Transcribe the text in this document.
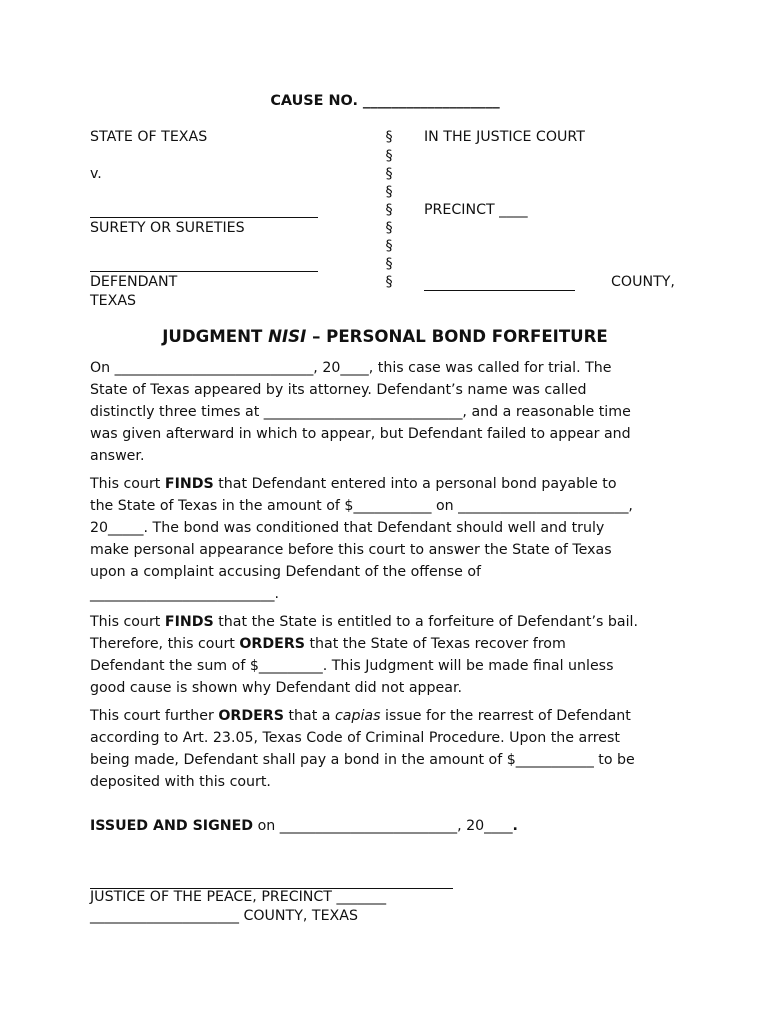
CAUSE NO. ___________________
STATE OF TEXAS
v.
SURETY OR SURETIES
DEFENDANT
TEXAS
§
§
§
§
§
§
§
§
§
IN THE JUSTICE COURT
PRECINCT ____
COUNTY,
JUDGMENT NISI – PERSONAL BOND FORFEITURE

On ____________________________, 20____, this case was called for trial. The

State of Texas appeared by its attorney. Defendant’s name was called

distinctly three times at ____________________________, and a reasonable time

was given afterward in which to appear, but Defendant failed to appear and

answer.

This court FINDS that Defendant entered into a personal bond payable to

the State of Texas in the amount of $___________ on ________________________,

20_____. The bond was conditioned that Defendant should well and truly

make personal appearance before this court to answer the State of Texas

upon a complaint accusing Defendant of the offense of

__________________________.

This court FINDS that the State is entitled to a forfeiture of Defendant’s bail.

Therefore, this court ORDERS that the State of Texas recover from

Defendant the sum of $_________. This Judgment will be made final unless

good cause is shown why Defendant did not appear.

This court further ORDERS that a capias issue for the rearrest of Defendant

according to Art. 23.05, Texas Code of Criminal Procedure. Upon the arrest

being made, Defendant shall pay a bond in the amount of $___________ to be

deposited with this court.

ISSUED AND SIGNED on _________________________, 20____.
JUSTICE OF THE PEACE, PRECINCT _______
_____________________ COUNTY, TEXAS
